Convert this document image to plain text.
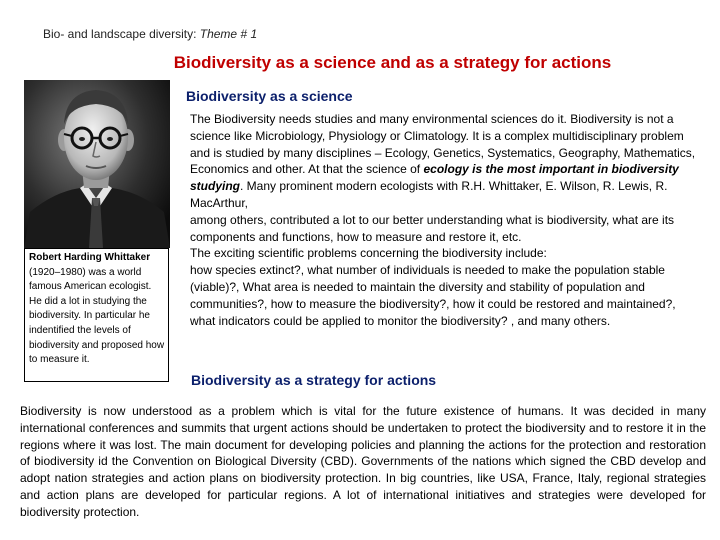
Bio- and landscape diversity: Theme # 1
Biodiversity as a science and as a strategy for actions
Robert Harding Whittaker (1920–1980) was a world famous American ecologist. He did a lot in studying the biodiversity. In particular he indentified the levels of biodiversity and proposed how to measure it.
Biodiversity as a science

The Biodiversity needs studies and many environmental sciences do it. Biodiversity is not a science like Microbiology, Physiology or Climatology. It is a complex multidisciplinary problem and is studied by many disciplines – Ecology, Genetics, Systematics, Geography, Mathematics, Economics and other. At that the science of ecology is the most important in biodiversity studying. Many prominent modern ecologists with R.H. Whittaker, E. Wilson, R. Lewis, R. MacArthur,

among others, contributed a lot to our better understanding what is biodiversity, what are its components and functions, how to measure and restore it, etc.

The exciting scientific problems concerning the biodiversity include:

how species extinct?, what number of individuals is needed to make the population stable (viable)?, What area is needed to maintain the diversity and stability of population and communities?, how to measure the biodiversity?, how it could be restored and maintained?, what indicators could be applied to monitor the biodiversity? , and many others.

Biodiversity as a strategy for actions

Biodiversity is now understood as a problem which is vital for the future existence of humans. It was decided in many international conferences and summits that urgent actions should be undertaken to protect the biodiversity and to restore it in the regions where it was lost. The main document for developing policies and planning the actions for the protection and restoration of biodiversity id the Convention on Biological Diversity (CBD). Governments of the nations which signed the CBD develop and adopt nation strategies and action plans on biodiversity protection. In big countries, like USA, France, Italy, regional strategies and action plans are developed for particular regions. A lot of international initiatives and strategies were developed for biodiversity protection.
